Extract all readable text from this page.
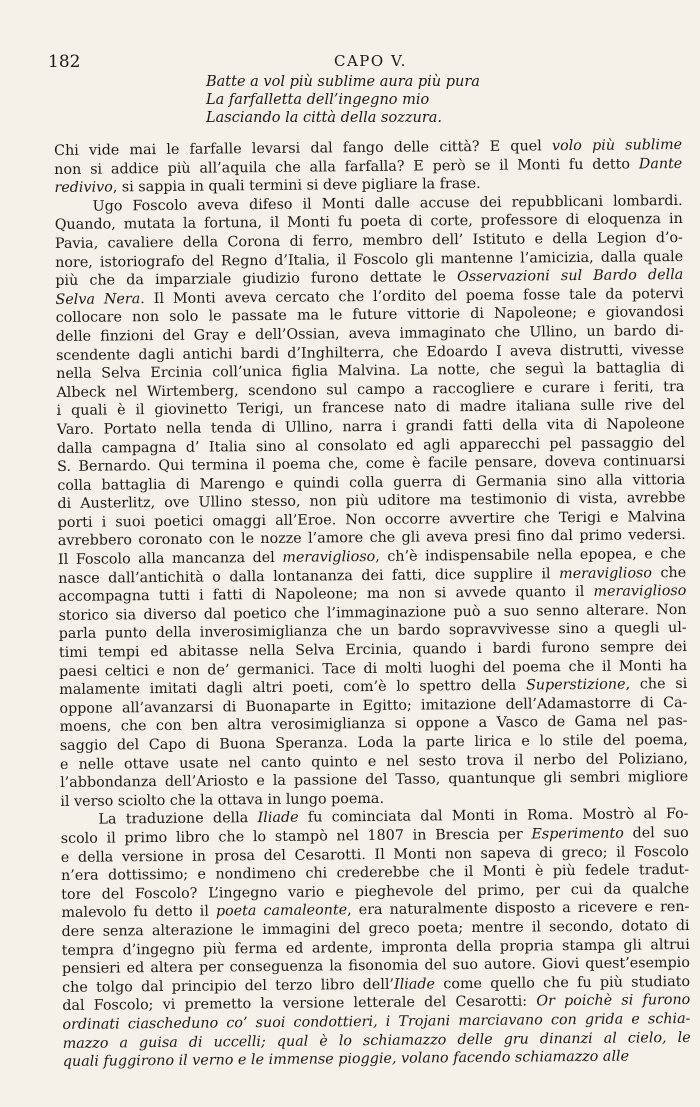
182	CAPO V.
Batte a vol più sublime aura più pura
La farfalletta dell’ingegno mio
Lasciando la città della sozzura.
Chi vide mai le farfalle levarsi dal fango delle città? E quel volo più sublime
non si addice più all’aquila che alla farfalla? E però se il Monti fu detto Dante
redivivo, si sappia in quali termini si deve pigliare la frase.
Ugo Foscolo aveva difeso il Monti dalle accuse dei repubblicani lombardi.
Quando, mutata la fortuna, il Monti fu poeta di corte, professore di eloquenza in
Pavia, cavaliere della Corona di ferro, membro dell’ Istituto e della Legion d’o-
nore, istoriografo del Regno d’Italia, il Foscolo gli mantenne l’amicizia, dalla quale
più che da imparziale giudizio furono dettate le Osservazioni sul Bardo della
Selva Nera. Il Monti aveva cercato che l’ordito del poema fosse tale da potervi
collocare non solo le passate ma le future vittorie di Napoleone; e giovandosi
delle finzioni del Gray e dell’Ossian, aveva immaginato che Ullino, un bardo di-
scendente dagli antichi bardi d’Inghilterra, che Edoardo I aveva distrutti, vivesse
nella Selva Ercinia coll’unica figlia Malvina. La notte, che seguì la battaglia di
Albeck nel Wirtemberg, scendono sul campo a raccogliere e curare i feriti, tra
i quali è il giovinetto Terigi, un francese nato di madre italiana sulle rive del
Varo. Portato nella tenda di Ullino, narra i grandi fatti della vita di Napoleone
dalla campagna d’ Italia sino al consolato ed agli apparecchi pel passaggio del
S. Bernardo. Qui termina il poema che, come è facile pensare, doveva continuarsi
colla battaglia di Marengo e quindi colla guerra di Germania sino alla vittoria
di Austerlitz, ove Ullino stesso, non più uditore ma testimonio di vista, avrebbe
porti i suoi poetici omaggi all’Eroe. Non occorre avvertire che Terigi e Malvina
avrebbero coronato con le nozze l’amore che gli aveva presi fino dal primo vedersi.
Il Foscolo alla mancanza del meraviglioso, ch’è indispensabile nella epopea, e che
nasce dall’antichità o dalla lontananza dei fatti, dice supplire il meraviglioso che
accompagna tutti i fatti di Napoleone; ma non si avvede quanto il meraviglioso
storico sia diverso dal poetico che l’immaginazione può a suo senno alterare. Non
parla punto della inverosimiglianza che un bardo sopravvivesse sino a quegli ul-
timi tempi ed abitasse nella Selva Ercinia, quando i bardi furono sempre dei
paesi celtici e non de’ germanici. Tace di molti luoghi del poema che il Monti ha
malamente imitati dagli altri poeti, com’è lo spettro della Superstizione, che si
oppone all’avanzarsi di Buonaparte in Egitto; imitazione dell’Adamastorre di Ca-
moens, che con ben altra verosimiglianza si oppone a Vasco de Gama nel pas-
saggio del Capo di Buona Speranza. Loda la parte lirica e lo stile del poema,
e nelle ottave usate nel canto quinto e nel sesto trova il nerbo del Poliziano,
l’abbondanza dell’Ariosto e la passione del Tasso, quantunque gli sembri migliore
il verso sciolto che la ottava in lungo poema.
La traduzione della Iliade fu cominciata dal Monti in Roma. Mostrò al Fo-
scolo il primo libro che lo stampò nel 1807 in Brescia per Esperimento del suo
e della versione in prosa del Cesarotti. Il Monti non sapeva di greco; il Foscolo
n’era dottissimo; e nondimeno chi crederebbe che il Monti è più fedele tradut-
tore del Foscolo? L’ingegno vario e pieghevole del primo, per cui da qualche
malevolo fu detto il poeta camaleonte, era naturalmente disposto a ricevere e ren-
dere senza alterazione le immagini del greco poeta; mentre il secondo, dotato di
tempra d’ingegno più ferma ed ardente, impronta della propria stampa gli altrui
pensieri ed altera per conseguenza la fisonomia del suo autore. Giovi quest’esempio
che tolgo dal principio del terzo libro dell’Iliade come quello che fu più studiato
dal Foscolo; vi premetto la versione letterale del Cesarotti: Or poichè si furono
ordinati ciascheduno co’ suoi condottieri, i Trojani marciavano con grida e schia-
mazzo a guisa di uccelli; qual è lo schiamazzo delle gru dinanzi al cielo, le
quali fuggirono il verno e le immense pioggie, volano facendo schiamazzo alle
